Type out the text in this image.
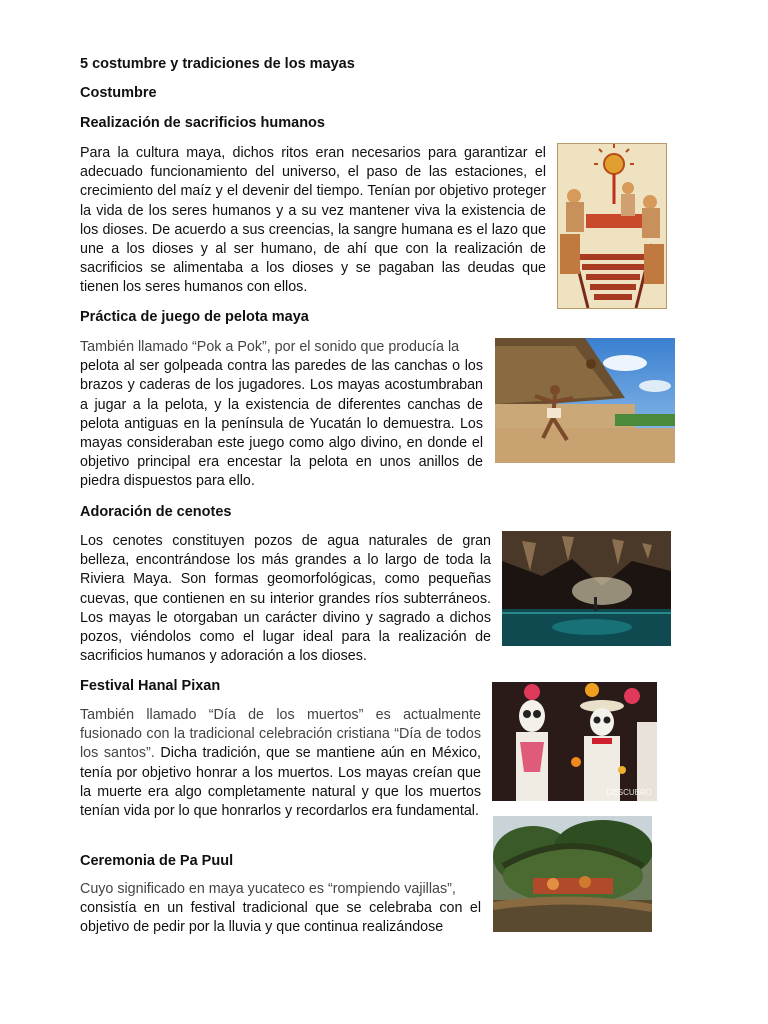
5 costumbre y tradiciones de los mayas
Costumbre
Realización de sacrificios humanos
Para la cultura maya, dichos ritos eran necesarios para garantizar el adecuado funcionamiento del universo, el paso de las estaciones, el crecimiento del maíz y el devenir del tiempo. Tenían por objetivo proteger la vida de los seres humanos y a su vez mantener viva la existencia de los dioses. De acuerdo a sus creencias, la sangre humana es el lazo que une a los dioses y al ser humano, de ahí que con la realización de sacrificios se alimentaba a los dioses y se pagaban las deudas que tienen los seres humanos con ellos.
Práctica de juego de pelota maya
También llamado “Pok a Pok”, por el sonido que producía la
pelota al ser golpeada contra las paredes de las canchas o los brazos y caderas de los jugadores. Los mayas acostumbraban a jugar a la pelota, y la existencia de diferentes canchas de pelota antiguas en la península de Yucatán lo demuestra. Los mayas consideraban este juego como algo divino, en donde el objetivo principal era encestar la pelota en unos anillos de piedra dispuestos para ello.
Adoración de cenotes
Los cenotes constituyen pozos de agua naturales de gran belleza, encontrándose los más grandes a lo largo de toda la Riviera Maya. Son formas geomorfológicas, como pequeñas cuevas, que contienen en su interior grandes ríos subterráneos. Los mayas le otorgaban un carácter divino y sagrado a dichos pozos, viéndolos como el lugar ideal para la realización de sacrificios humanos y adoración a los dioses.
Festival Hanal Pixan
También llamado “Día de los muertos” es actualmente fusionado con la tradicional celebración cristiana “Día de todos los santos”. Dicha tradición, que se mantiene aún en México, tenía por objetivo honrar a los muertos. Los mayas creían que la muerte era algo completamente natural y que los muertos tenían vida por lo que honrarlos y recordarlos era fundamental.
DESCUBRO
Ceremonia de Pa Puul
Cuyo significado en maya yucateco es “rompiendo vajillas”,
consistía en un festival tradicional que se celebraba con el objetivo de pedir por la lluvia y que continua realizándose
